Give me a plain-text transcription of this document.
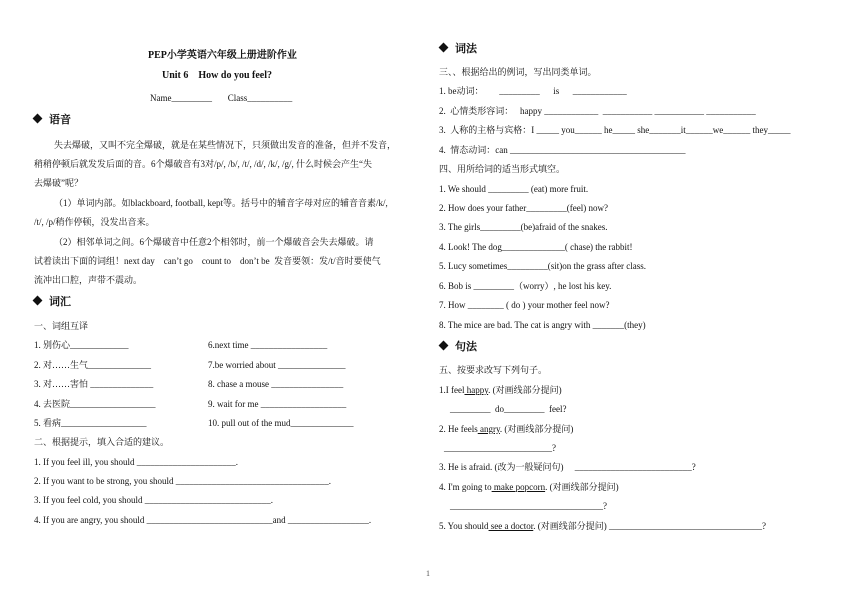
PEP小学英语六年级上册进阶作业
Unit 6    How do you feel?
Name_________       Class__________
语音
失去爆破，又叫不完全爆破，就是在某些情况下，只须做出发音的准备，但并不发音，
稍稍停顿后就发发后面的音。6个爆破音有3对/p/, /b/, /t/, /d/, /k/, /g/, 什么时候会产生“失
去爆破”呢？
（1）单词内部。如blackboard, football, kept等。括号中的辅音字母对应的辅音音素/k/,
/t/, /p/稍作停顿，没发出音来。
（2）相邻单词之间。6个爆破音中任意2个相邻时，前一个爆破音会失去爆破。请
试着读出下面的词组！next day    can’t go    count to    don’t be  发音要领：发/t/音时要使气
流冲出口腔，声带不震动。
词汇
一、词组互译
1. 别伤心_____________
2. 对……生气______________
3. 对……害怕 ______________
4. 去医院___________________
5. 看病___________________
6.next time _________________
7.be worried about _______________
8. chase a mouse ________________
9. wait for me ___________________
10. pull out of the mud______________
二、根据提示，填入合适的建议。
1. If you feel ill, you should ______________________.
2. If you want to be strong, you should __________________________________.
3. If you feel cold, you should ____________________________.
4. If you are angry, you should ____________________________and __________________.
词法
三、、根据给出的例词，写出同类单词。
1. be动词：       _________      is      ____________
2.  心情类形容词：   happy ____________  ___________ ___________ ___________
3.  人称的主格与宾格：I _____ you______ he_____ she_______it______we______ they_____
4.  情态动词：can _______________________________________
四、用所给词的适当形式填空。
1. We should _________ (eat) more fruit.
2. How does your father_________(feel) now?
3. The girls_________(be)afraid of the snakes.
4. Look! The dog______________( chase) the rabbit!
5. Lucy sometimes_________(sit)on the grass after class.
6. Bob is _________（worry）, he lost his key.
7. How ________ ( do ) your mother feel now?
8. The mice are bad. The cat is angry with _______(they)
句法
五、按要求改写下列句子。
1.I feel happy. (对画线部分提问)
_________  do_________  feel?
2. He feels angry. (对画线部分提问)
________________________?
3. He is afraid. (改为一般疑问句)     __________________________?
4. I'm going to make popcorn. (对画线部分提问)
__________________________________?
5. You should see a doctor. (对画线部分提问) __________________________________?
1
